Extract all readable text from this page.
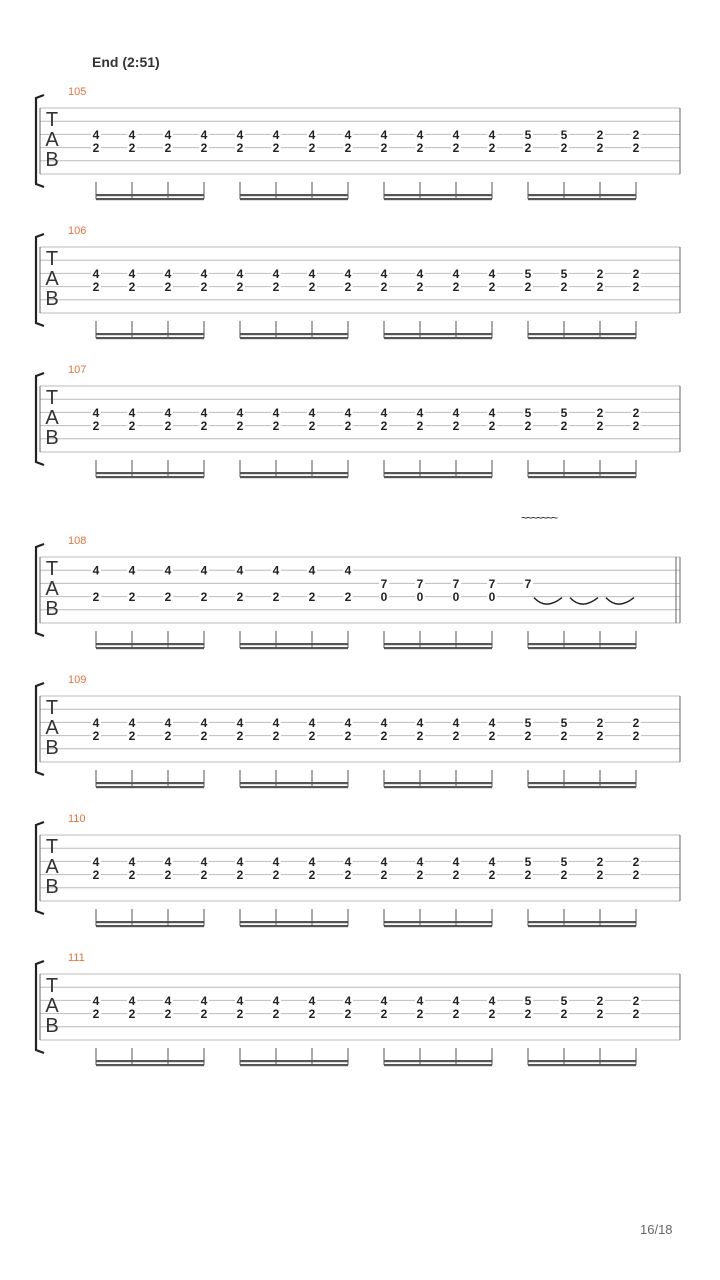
End (2:51)
105
T
A
B
4
2
4
2
4
2
4
2
4
2
4
2
4
2
4
2
4
2
4
2
4
2
4
2
5
2
5
2
2
2
2
2
106
T
A
B
4
2
4
2
4
2
4
2
4
2
4
2
4
2
4
2
4
2
4
2
4
2
4
2
5
2
5
2
2
2
2
2
107
T
A
B
4
2
4
2
4
2
4
2
4
2
4
2
4
2
4
2
4
2
4
2
4
2
4
2
5
2
5
2
2
2
2
2
108
~~~~~~~
T
A
B
4
2
4
2
4
2
4
2
4
2
4
2
4
2
4
2
7
0
7
0
7
0
7
0
7
109
T
A
B
4
2
4
2
4
2
4
2
4
2
4
2
4
2
4
2
4
2
4
2
4
2
4
2
5
2
5
2
2
2
2
2
110
T
A
B
4
2
4
2
4
2
4
2
4
2
4
2
4
2
4
2
4
2
4
2
4
2
4
2
5
2
5
2
2
2
2
2
111
T
A
B
4
2
4
2
4
2
4
2
4
2
4
2
4
2
4
2
4
2
4
2
4
2
4
2
5
2
5
2
2
2
2
2
16/18
